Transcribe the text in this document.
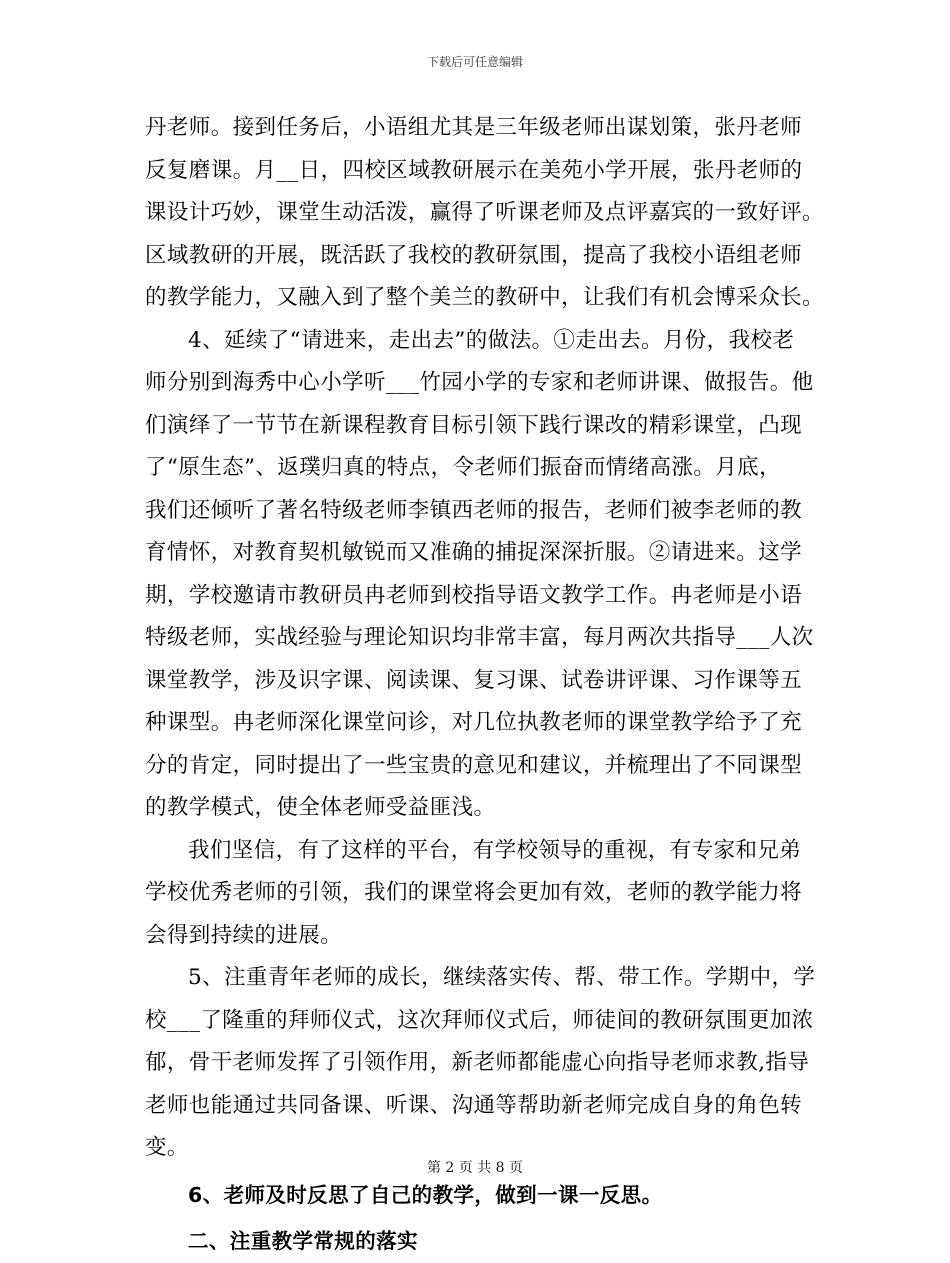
下载后可任意编辑
丹老师。接到任务后，小语组尤其是三年级老师出谋划策，张丹老师
反复磨课。月__日，四校区域教研展示在美苑小学开展，张丹老师的
课设计巧妙，课堂生动活泼，赢得了听课老师及点评嘉宾的一致好评。
区域教研的开展，既活跃了我校的教研氛围，提高了我校小语组老师
的教学能力，又融入到了整个美兰的教研中，让我们有机会博采众长。
4、延续了“请进来，走出去”的做法。①走出去。月份，我校老
师分别到海秀中心小学听___竹园小学的专家和老师讲课、做报告。他
们演绎了一节节在新课程教育目标引领下践行课改的精彩课堂，凸现
了“原生态”、返璞归真的特点，令老师们振奋而情绪高涨。月底，
我们还倾听了著名特级老师李镇西老师的报告，老师们被李老师的教
育情怀，对教育契机敏锐而又准确的捕捉深深折服。②请进来。这学
期，学校邀请市教研员冉老师到校指导语文教学工作。冉老师是小语
特级老师，实战经验与理论知识均非常丰富，每月两次共指导___人次
课堂教学，涉及识字课、阅读课、复习课、试卷讲评课、习作课等五
种课型。冉老师深化课堂问诊，对几位执教老师的课堂教学给予了充
分的肯定，同时提出了一些宝贵的意见和建议，并梳理出了不同课型
的教学模式，使全体老师受益匪浅。
我们坚信，有了这样的平台，有学校领导的重视，有专家和兄弟
学校优秀老师的引领，我们的课堂将会更加有效，老师的教学能力将
会得到持续的进展。
5、注重青年老师的成长，继续落实传、帮、带工作。学期中，学
校___了隆重的拜师仪式，这次拜师仪式后，师徒间的教研氛围更加浓
郁，骨干老师发挥了引领作用，新老师都能虚心向指导老师求教,指导
老师也能通过共同备课、听课、沟通等帮助新老师完成自身的角色转
变。
6、老师及时反思了自己的教学，做到一课一反思。
二、注重教学常规的落实
第 2 页 共 8 页
